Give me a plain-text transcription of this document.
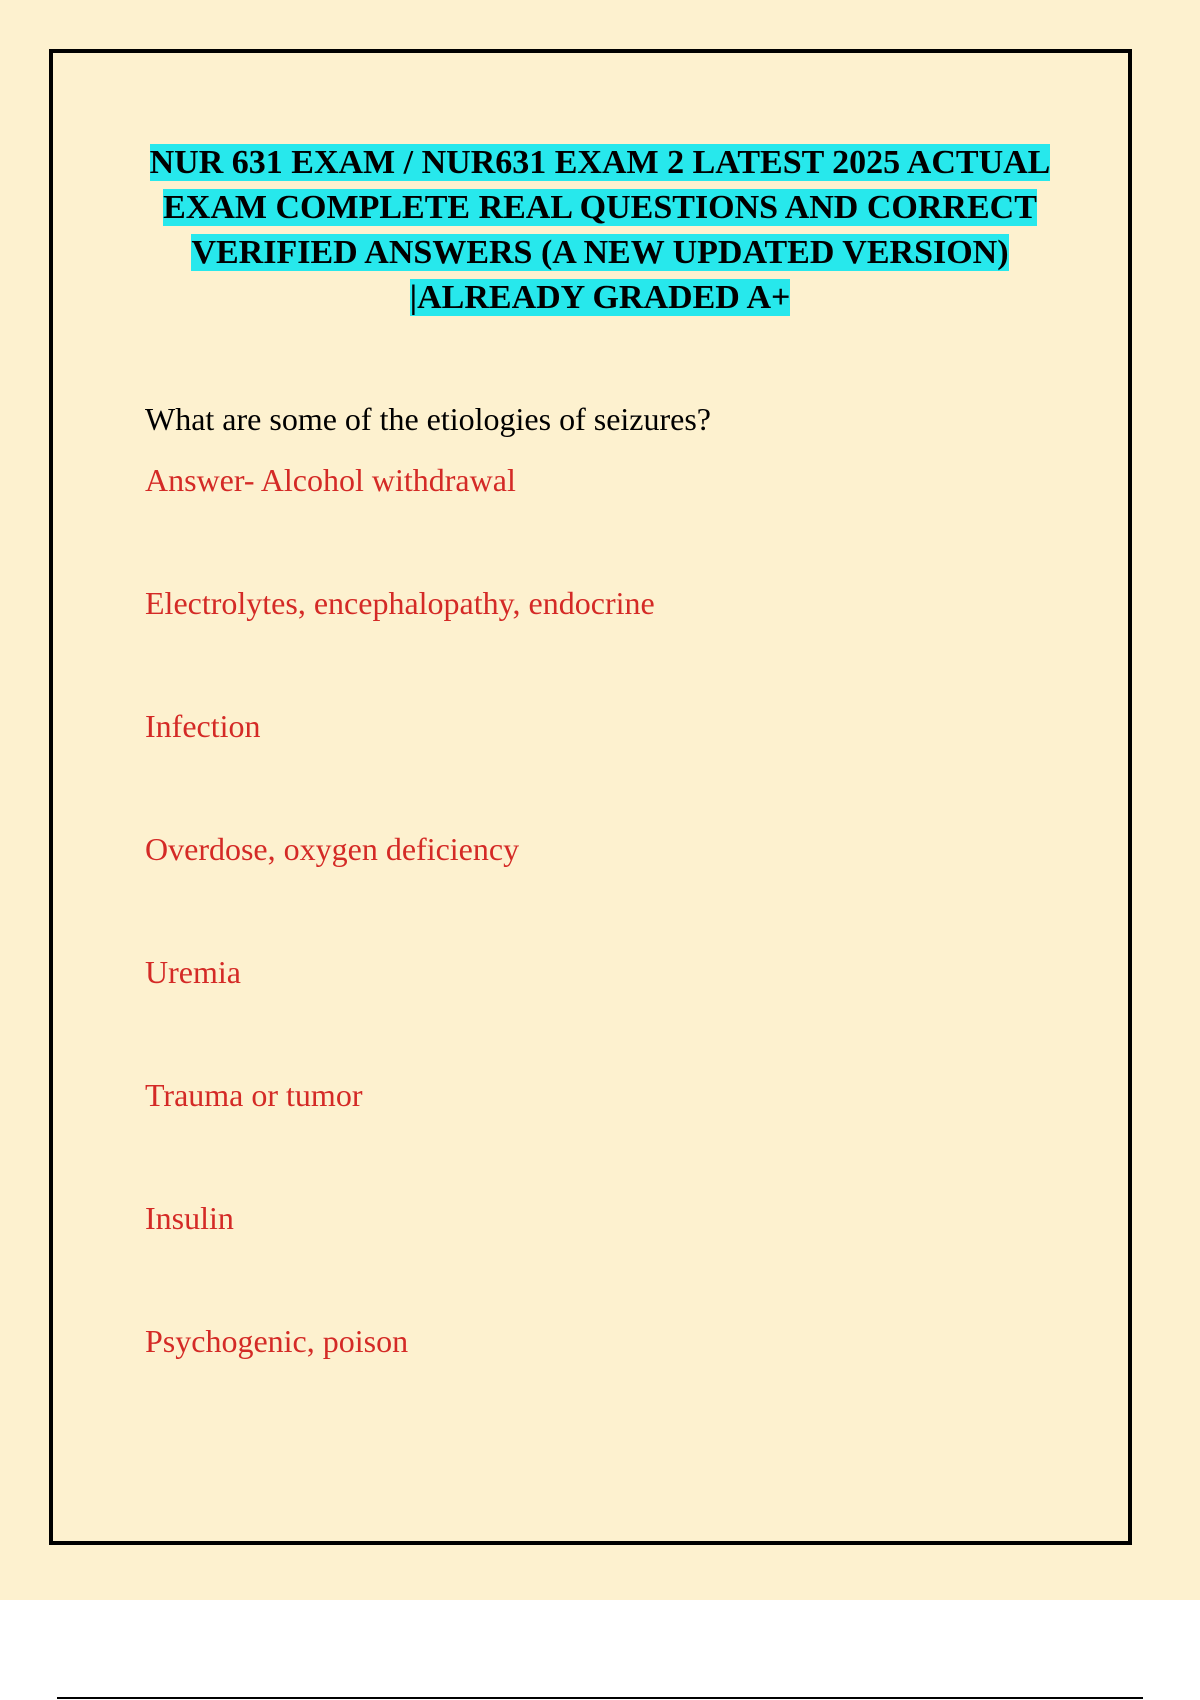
NUR 631 EXAM / NUR631 EXAM 2 LATEST 2025 ACTUAL EXAM COMPLETE REAL QUESTIONS AND CORRECT VERIFIED ANSWERS (A NEW UPDATED VERSION) |ALREADY GRADED A+

What are some of the etiologies of seizures?

Answer- Alcohol withdrawal
Electrolytes, encephalopathy, endocrine
Infection
Overdose, oxygen deficiency
Uremia
Trauma or tumor
Insulin
Psychogenic, poison
